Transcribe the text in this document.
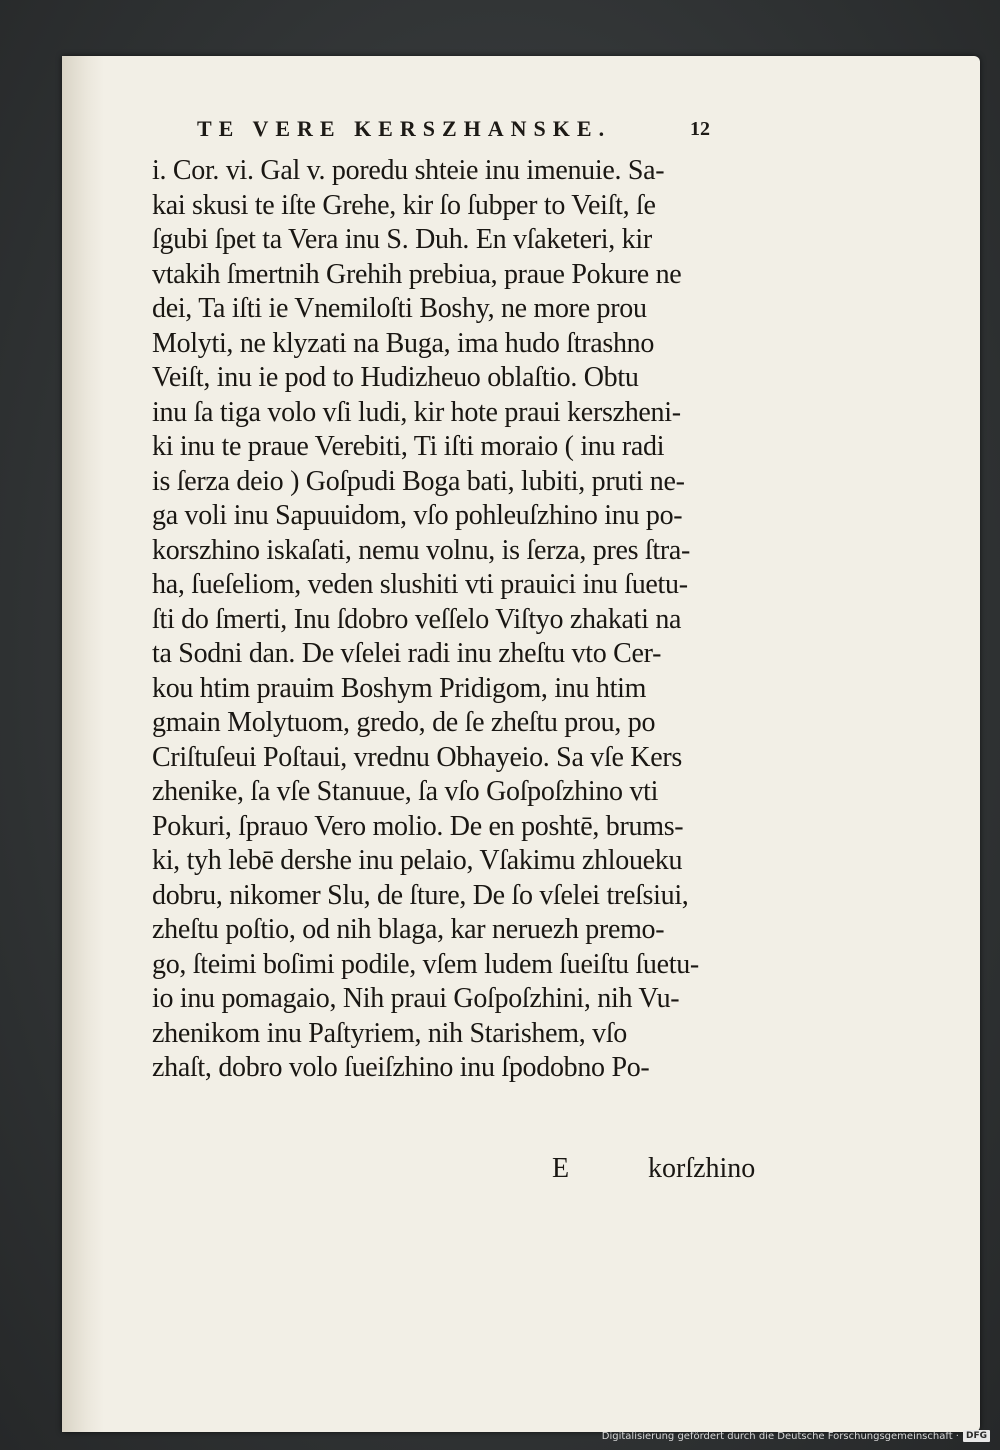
TE VERE KERSZHANSKE.	12
i. Cor. vi. Gal v. poredu shteie inu imenuie. Sa-
kai skusi te iſte Grehe, kir ſo ſubper to Veiſt, ſe
ſgubi ſpet ta Vera inu S. Duh. En vſaketeri, kir
vtakih ſmertnih Grehih prebiua, praue Pokure ne
dei, Ta iſti ie Vnemiloſti Boshy, ne more prou
Molyti, ne klyzati na Buga, ima hudo ſtrashno
Veiſt, inu ie pod to Hudizheuo oblaſtio. Obtu
inu ſa tiga volo vſi ludi, kir hote praui kerszheni-
ki inu te praue Verebiti, Ti iſti moraio ( inu radi
is ſerza deio ) Goſpudi Boga bati, lubiti, pruti ne-
ga voli inu Sapuuidom, vſo pohleuſzhino inu po-
korszhino iskaſati, nemu volnu, is ſerza, pres ſtra-
ha, ſueſeliom, veden slushiti vti prauici inu ſuetu-
ſti do ſmerti, Inu ſdobro veſſelo Viſtyo zhakati na
ta Sodni dan. De vſelei radi inu zheſtu vto Cer-
kou htim prauim Boshym Pridigom, inu htim
gmain Molytuom, gredo, de ſe zheſtu prou, po
Criſtuſeui Poſtaui, vrednu Obhayeio. Sa vſe Kers
zhenike, ſa vſe Stanuue, ſa vſo Goſpoſzhino vti
Pokuri, ſprauo Vero molio. De en poshtē, brums-
ki, tyh lebē dershe inu pelaio, Vſakimu zhloueku
dobru, nikomer Slu, de ſture, De ſo vſelei treſsiui,
zheſtu poſtio, od nih blaga, kar neruezh premo-
go, ſteimi boſimi podile, vſem ludem ſueiſtu ſuetu-
io inu pomagaio, Nih praui Goſpoſzhini, nih Vu-
zhenikom inu Paſtyriem, nih Starishem, vſo
zhaſt, dobro volo ſueiſzhino inu ſpodobno Po-
E	korſzhino
Digitalisierung gefördert durch die Deutsche Forschungsgemeinschaft · DFG
